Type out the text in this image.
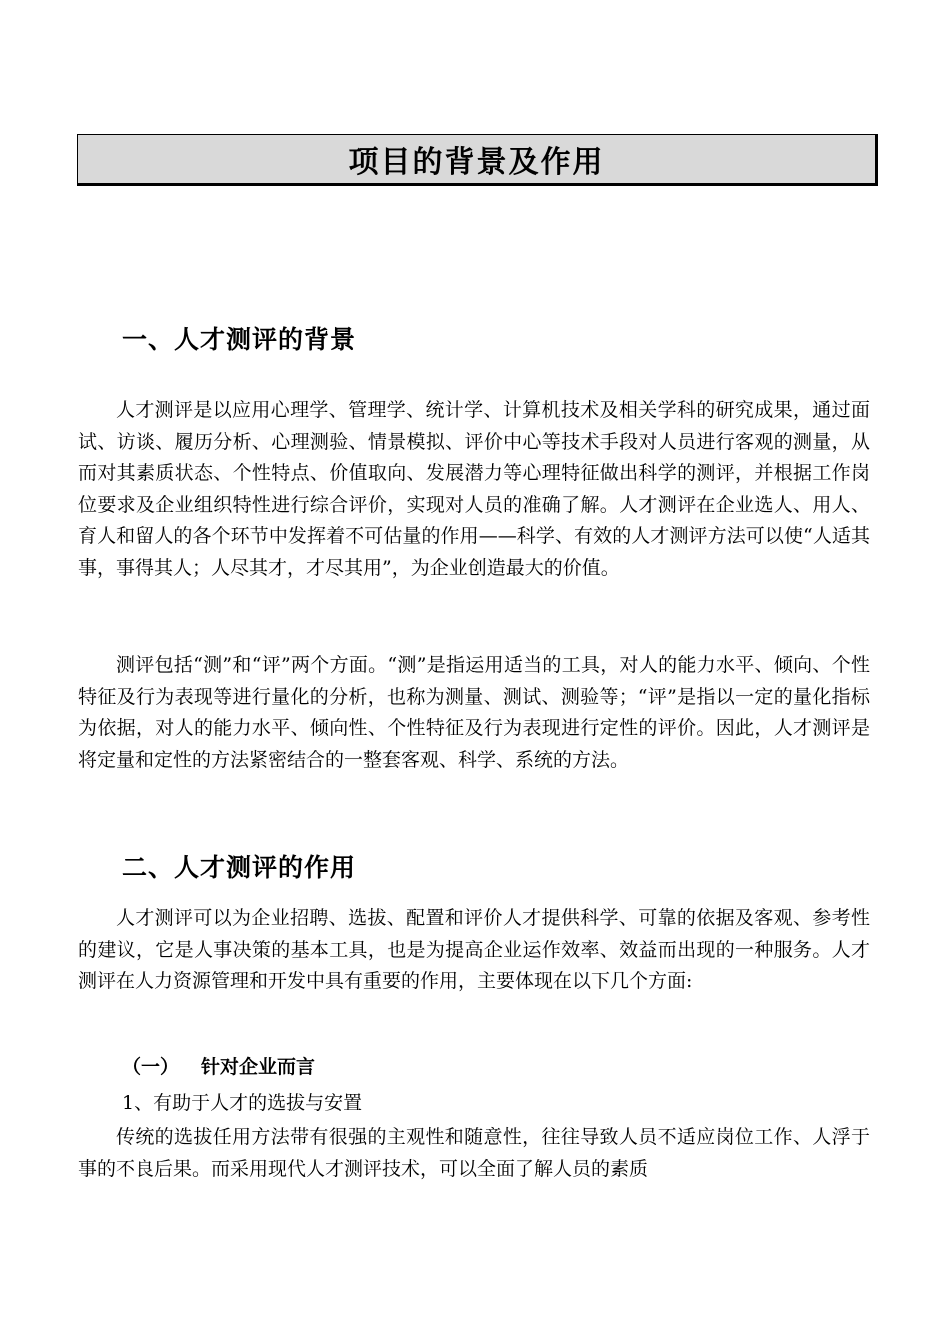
项目的背景及作用
一、人才测评的背景

人才测评是以应用心理学、管理学、统计学、计算机技术及相关学科的研究成果，通过面试、访谈、履历分析、心理测验、情景模拟、评价中心等技术手段对人员进行客观的测量，从而对其素质状态、个性特点、价值取向、发展潜力等心理特征做出科学的测评，并根据工作岗位要求及企业组织特性进行综合评价，实现对人员的准确了解。人才测评在企业选人、用人、育人和留人的各个环节中发挥着不可估量的作用——科学、有效的人才测评方法可以使“人适其事，事得其人；人尽其才，才尽其用”，为企业创造最大的价值。

测评包括“测”和“评”两个方面。“测”是指运用适当的工具，对人的能力水平、倾向、个性特征及行为表现等进行量化的分析，也称为测量、测试、测验等；“评”是指以一定的量化指标为依据，对人的能力水平、倾向性、个性特征及行为表现进行定性的评价。因此，人才测评是将定量和定性的方法紧密结合的一整套客观、科学、系统的方法。

二、人才测评的作用

人才测评可以为企业招聘、选拔、配置和评价人才提供科学、可靠的依据及客观、参考性的建议，它是人事决策的基本工具，也是为提高企业运作效率、效益而出现的一种服务。人才测评在人力资源管理和开发中具有重要的作用，主要体现在以下几个方面:

（一） 针对企业而言
1、有助于人才的选拔与安置

传统的选拔任用方法带有很强的主观性和随意性，往往导致人员不适应岗位工作、人浮于事的不良后果。而采用现代人才测评技术，可以全面了解人员的素质
